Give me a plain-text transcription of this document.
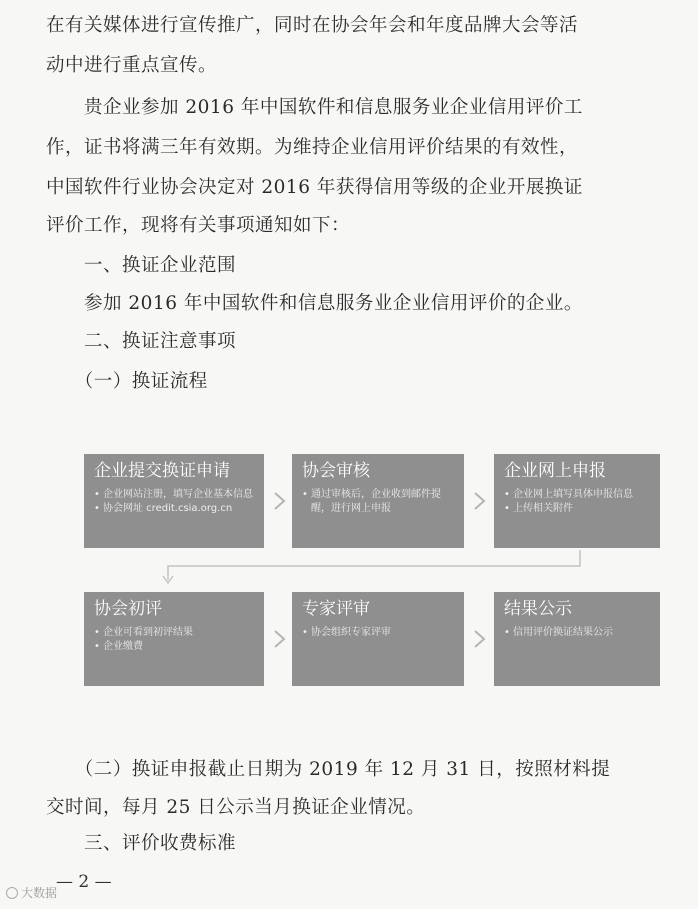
在有关媒体进行宣传推广，同时在协会年会和年度品牌大会等活

动中进行重点宣传。

　　贵企业参加 2016 年中国软件和信息服务业企业信用评价工

作，证书将满三年有效期。为维持企业信用评价结果的有效性，

中国软件行业协会决定对 2016 年获得信用等级的企业开展换证

评价工作，现将有关事项通知如下：

　　一、换证企业范围

　　参加 2016 年中国软件和信息服务业企业信用评价的企业。

　　二、换证注意事项

　　（一）换证流程

企业提交换证申请
• 企业网站注册，填写企业基本信息
• 协会网址 credit.csia.org.cn
协会审核
• 通过审核后，企业收到邮件提醒，进行网上申报
企业网上申报
• 企业网上填写具体申报信息
• 上传相关附件
协会初评
• 企业可看到初评结果
• 企业缴费
专家评审
• 协会组织专家评审
结果公示
• 信用评价换证结果公示

　　（二）换证申报截止日期为 2019 年 12 月 31 日，按照材料提

交时间，每月 25 日公示当月换证企业情况。

　　三、评价收费标准

大数据
— 2 —
